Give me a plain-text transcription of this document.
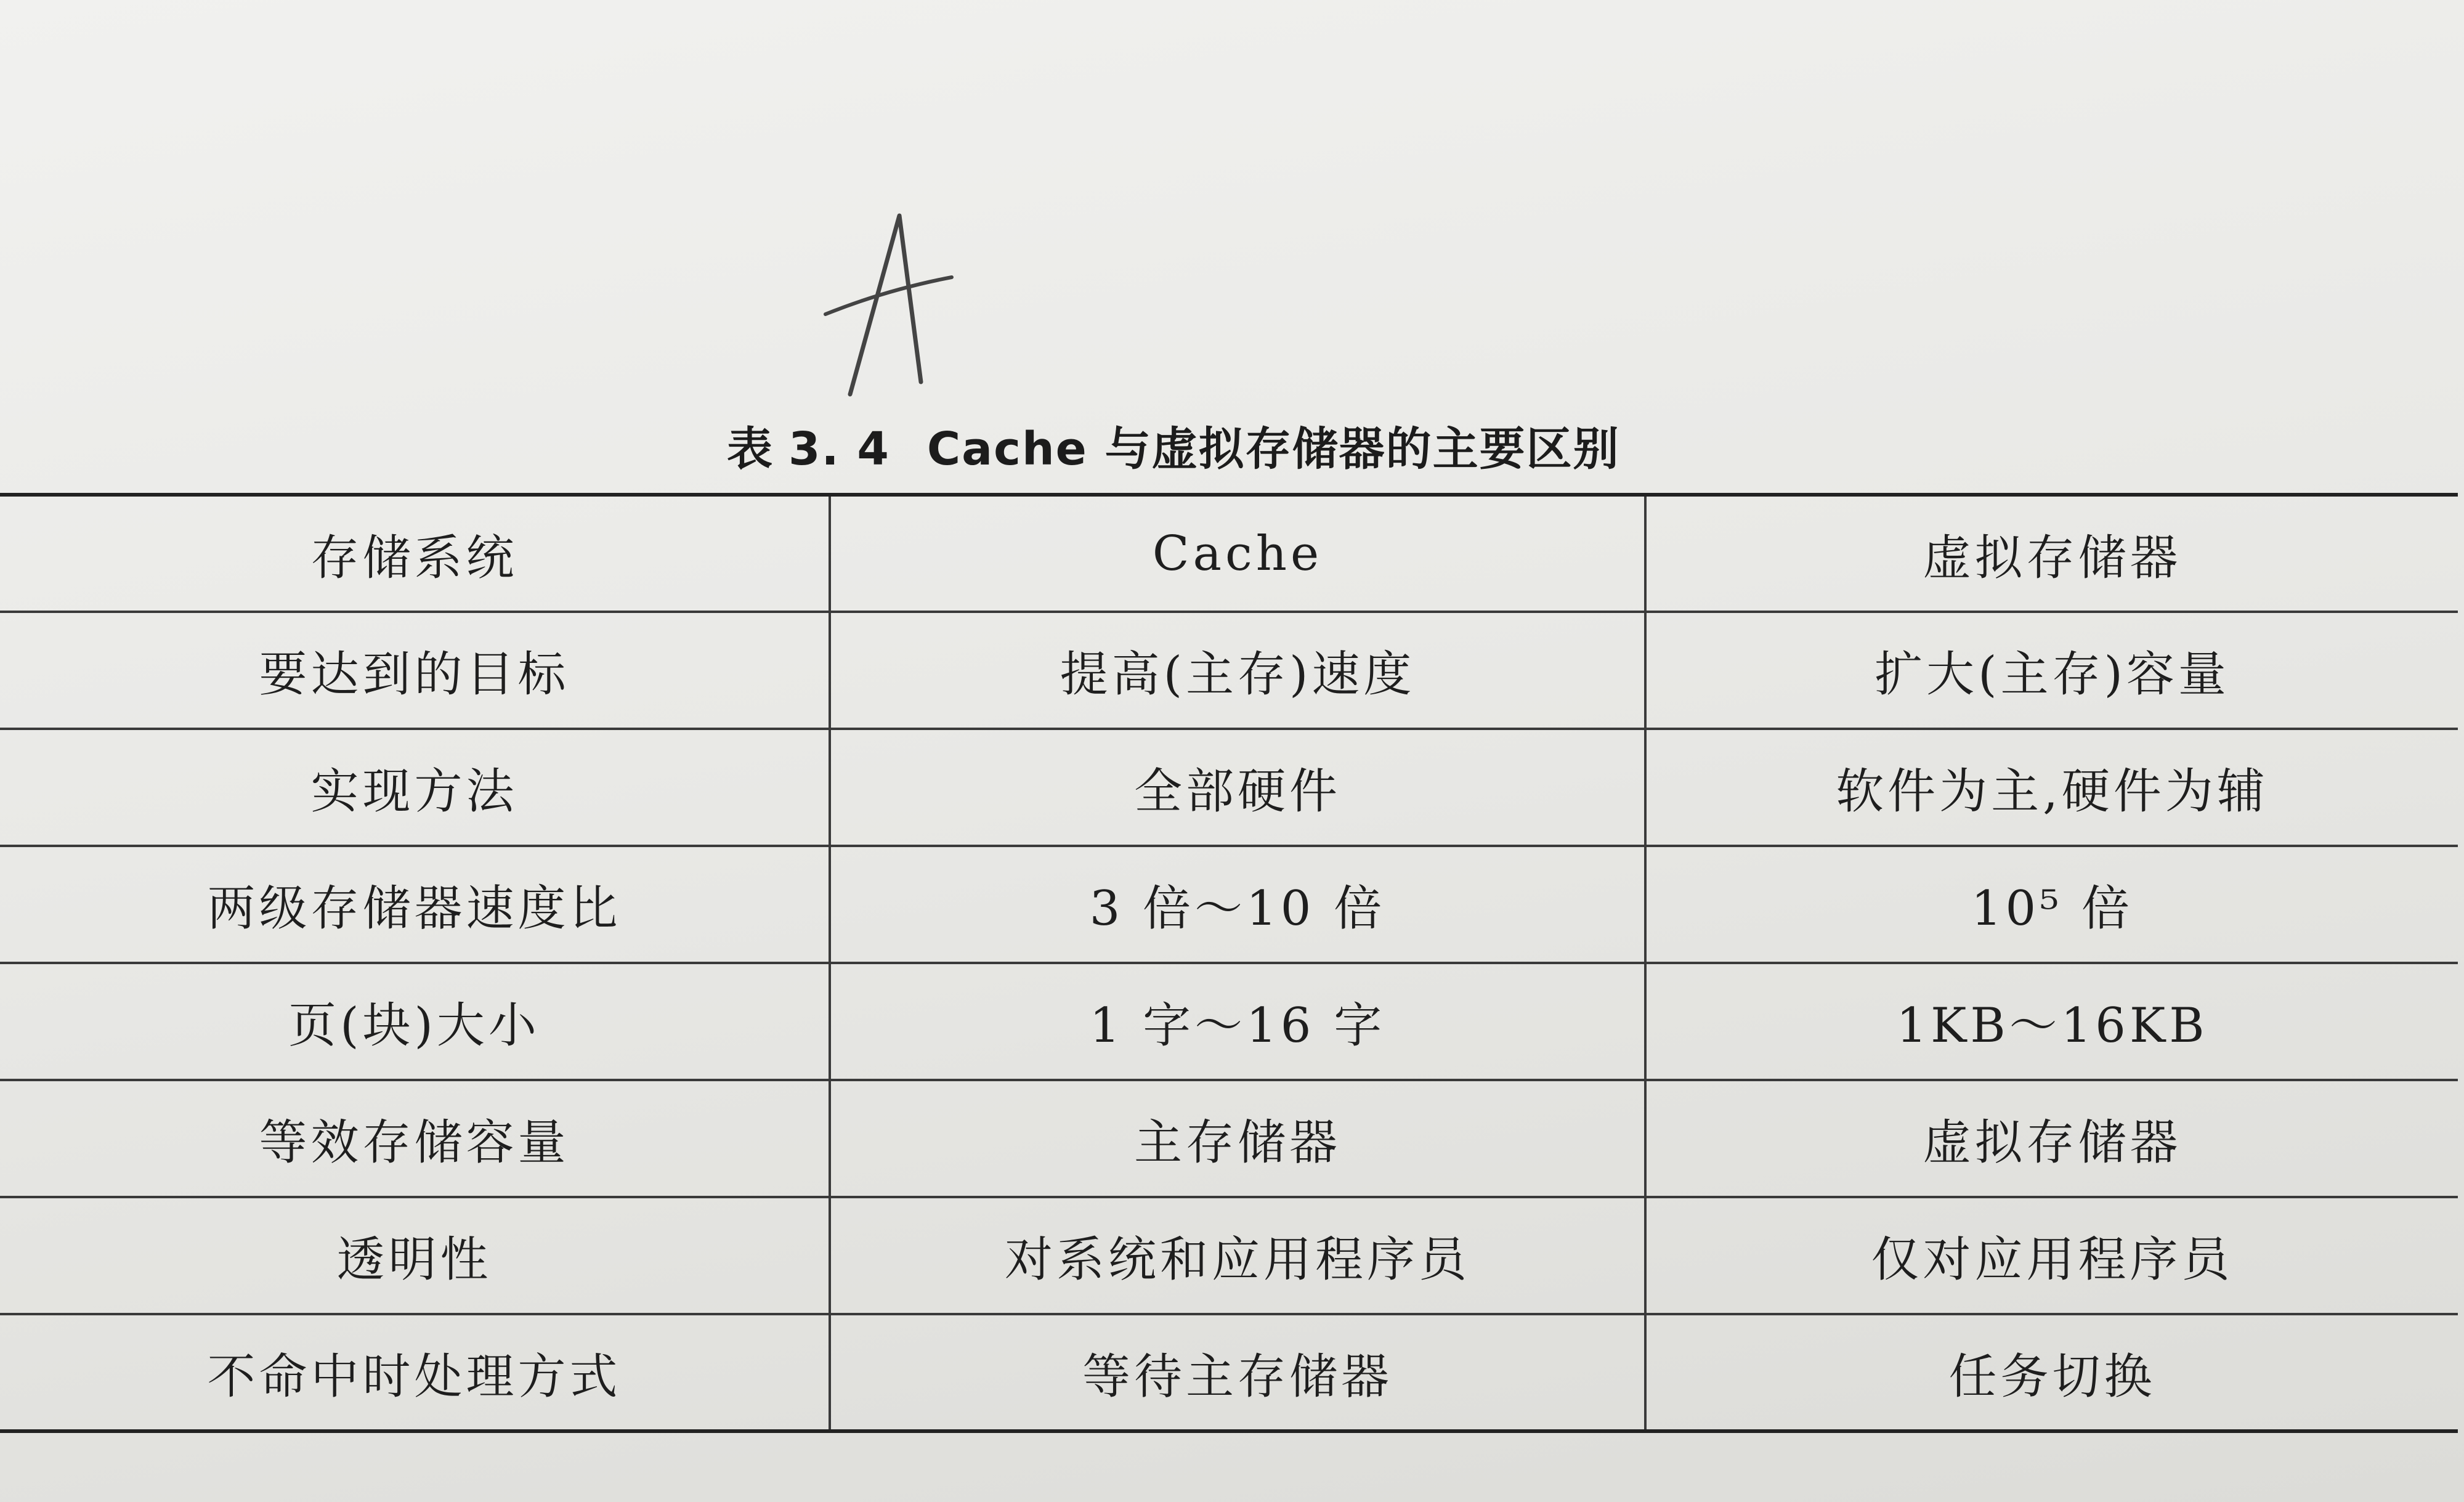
表 3. 4 Cache 与虚拟存储器的主要区别
存储系统	Cache	虚拟存储器
要达到的目标	提高(主存)速度	扩大(主存)容量
实现方法	全部硬件	软件为主,硬件为辅
两级存储器速度比	3 倍～10 倍	10⁵ 倍
页(块)大小	1 字～16 字	1KB～16KB
等效存储容量	主存储器	虚拟存储器
透明性	对系统和应用程序员	仅对应用程序员
不命中时处理方式	等待主存储器	任务切换
